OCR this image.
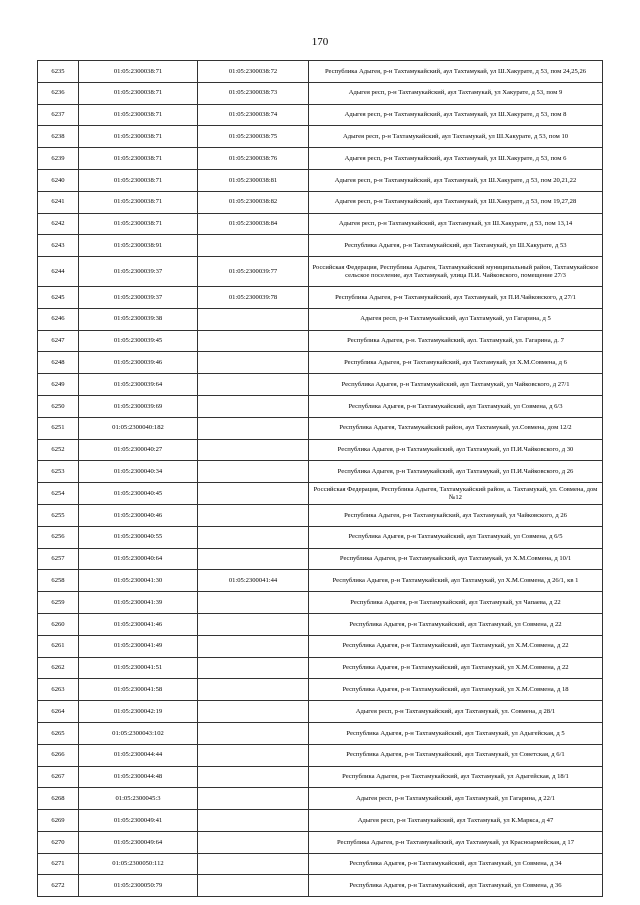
170
6235	01:05:2300038:71	01:05:2300038:72	Республика Адыгея, р-н Тахтамукайский, аул Тахтамукай, ул Ш.Хакурате, д 53, пом 24,25,26
6236	01:05:2300038:71	01:05:2300038:73	Адыгея респ, р-н Тахтамукайский, аул Тахтамукай, ул Хакурате, д 53, пом 9
6237	01:05:2300038:71	01:05:2300038:74	Адыгея респ, р-н Тахтамукайский, аул Тахтамукай, ул Ш.Хакурате, д 53, пом 8
6238	01:05:2300038:71	01:05:2300038:75	Адыгея респ, р-н Тахтамукайский, аул Тахтамукай, ул Ш.Хакурате, д 53, пом 10
6239	01:05:2300038:71	01:05:2300038:76	Адыгея респ, р-н Тахтамукайский, аул Тахтамукай, ул Ш.Хакурате, д 53, пом 6
6240	01:05:2300038:71	01:05:2300038:81	Адыгея респ, р-н Тахтамукайский, аул Тахтамукай, ул Ш.Хакурате, д 53, пом 20,21,22
6241	01:05:2300038:71	01:05:2300038:82	Адыгея респ, р-н Тахтамукайский, аул Тахтамукай, ул Ш.Хакурате, д 53, пом 19,27,28
6242	01:05:2300038:71	01:05:2300038:84	Адыгея респ, р-н Тахтамукайский, аул Тахтамукай, ул Ш.Хакурате, д 53, пом 13,14
6243	01:05:2300038:91		Республика Адыгея, р-н Тахтамукайский, аул Тахтамукай, ул Ш.Хакурате, д 53
6244	01:05:2300039:37	01:05:2300039:77	Российская Федерация, Республика Адыгея, Тахтамукайский муниципальный район, Тахтамукайское сельское поселение, аул Тахтамукай, улица П.И. Чайковского, помещение 27/3
6245	01:05:2300039:37	01:05:2300039:78	Республика Адыгея, р-н Тахтамукайский, аул Тахтамукай, ул П.И.Чайковского, д 27/1
6246	01:05:2300039:38		Адыгея респ, р-н Тахтамукайский, аул Тахтамукай, ул Гагарина, д 5
6247	01:05:2300039:45		Республика Адыгея, р-н. Тахтамукайский, аул. Тахтамукай, ул. Гагарина, д. 7
6248	01:05:2300039:46		Республика Адыгея, р-н Тахтамукайский, аул Тахтамукай, ул Х.М.Совмена, д 6
6249	01:05:2300039:64		Республика Адыгея, р-н Тахтамукайский, аул Тахтамукай, ул Чайковского, д 27/1
6250	01:05:2300039:69		Республика Адыгея, р-н Тахтамукайский, аул Тахтамукай, ул Совмена, д 6/3
6251	01:05:2300040:182		Республика Адыгея, Тахтамукайский район, аул Тахтамукай, ул.Совмена, дом 12/2
6252	01:05:2300040:27		Республика Адыгея, р-н Тахтамукайский, аул Тахтамукай, ул П.И.Чайковского, д 30
6253	01:05:2300040:34		Республика Адыгея, р-н Тахтамукайский, аул Тахтамукай, ул П.И.Чайковского, д 26
6254	01:05:2300040:45		Российская Федерация, Республика Адыгея, Тахтамукайский район, а. Тахтамукай, ул. Совмена, дом №12
6255	01:05:2300040:46		Республика Адыгея, р-н Тахтамукайский, аул Тахтамукай, ул Чайковского, д 26
6256	01:05:2300040:55		Республика Адыгея, р-н Тахтамукайский, аул Тахтамукай, ул Совмена, д 6/5
6257	01:05:2300040:64		Республика Адыгея, р-н Тахтамукайский, аул Тахтамукай, ул Х.М.Совмена, д 10/1
6258	01:05:2300041:30	01:05:2300041:44	Республика Адыгея, р-н Тахтамукайский, аул Тахтамукай, ул Х.М.Совмена, д 26/1, кв 1
6259	01:05:2300041:39		Республика Адыгея, р-н Тахтамукайский, аул Тахтамукай, ул Чапаева, д 22
6260	01:05:2300041:46		Республика Адыгея, р-н Тахтамукайский, аул Тахтамукай, ул Совмена, д 22
6261	01:05:2300041:49		Республика Адыгея, р-н Тахтамукайский, аул Тахтамукай, ул Х.М.Совмена, д 22
6262	01:05:2300041:51		Республика Адыгея, р-н Тахтамукайский, аул Тахтамукай, ул Х.М.Совмена, д 22
6263	01:05:2300041:58		Республика Адыгея, р-н Тахтамукайский, аул Тахтамукай, ул Х.М.Совмена, д 18
6264	01:05:2300042:19		Адыгея респ, р-н Тахтамукайский, аул Тахтамукай, ул. Совмена, д 28/1
6265	01:05:2300043:102		Республика Адыгея, р-н Тахтамукайский, аул Тахтамукай, ул Адыгейская, д 5
6266	01:05:2300044:44		Республика Адыгея, р-н Тахтамукайский, аул Тахтамукай, ул Советская, д 6/1
6267	01:05:2300044:48		Республика Адыгея, р-н Тахтамукайский, аул Тахтамукай, ул Адыгейская, д 18/1
6268	01:05:2300045:3		Адыгея респ, р-н Тахтамукайский, аул Тахтамукай, ул Гагарина, д 22/1
6269	01:05:2300049:41		Адыгея респ, р-н Тахтамукайский, аул Тахтамукай, ул К.Маркса, д 47
6270	01:05:2300049:64		Республика Адыгея, р-н Тахтамукайский, аул Тахтамукай, ул Красноармейская, д 17
6271	01:05:2300050:112		Республика Адыгея, р-н Тахтамукайский, аул Тахтамукай, ул Совмена, д 34
6272	01:05:2300050:79		Республика Адыгея, р-н Тахтамукайский, аул Тахтамукай, ул Совмена, д 36
